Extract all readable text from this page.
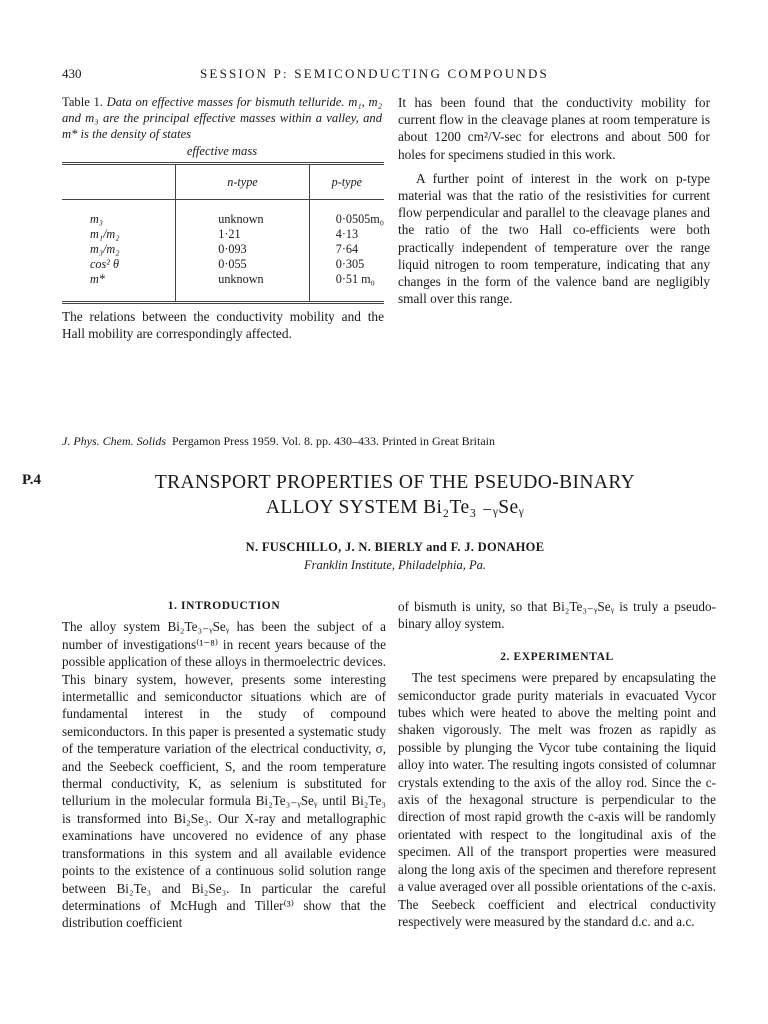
430	SESSION P: SEMICONDUCTING COMPOUNDS
Table 1. Data on effective masses for bismuth telluride. m₁, m₂ and m₃ are the principal effective masses within a valley, and m* is the density of states
effective mass
	n-type	p-type
m₃	unknown	0·0505m₀
m₁/m₂	1·21	4·13
m₃/m₂	0·093	7·64
cos² θ	0·055	0·305
m*	unknown	0·51 m₀

The relations between the conductivity mobility and the Hall mobility are correspondingly affected.

It has been found that the conductivity mobility for current flow in the cleavage planes at room temperature is about 1200 cm²/V-sec for electrons and about 500 for holes for specimens studied in this work.

A further point of interest in the work on p-type material was that the ratio of the resistivities for current flow perpendicular and parallel to the cleavage planes and the ratio of the two Hall co-efficients were both practically independent of temperature over the range liquid nitrogen to room temperature, indicating that any changes in the form of the valence band are negligibly small over this range.

J. Phys. Chem. Solids Pergamon Press 1959. Vol. 8. pp. 430–433. Printed in Great Britain
P.4	TRANSPORT PROPERTIES OF THE PSEUDO-BINARY
ALLOY SYSTEM Bi₂Te₃ ₋ᵧSeᵧ
N. FUSCHILLO, J. N. BIERLY and F. J. DONAHOE
Franklin Institute, Philadelphia, Pa.
1. INTRODUCTION

The alloy system Bi₂Te₃₋ᵧSeᵧ has been the subject of a number of investigations⁽¹⁻⁸⁾ in recent years because of the possible application of these alloys in thermoelectric devices. This binary system, however, presents some interesting intermetallic and semiconductor situations which are of fundamental interest in the study of compound semiconductors. In this paper is presented a systematic study of the temperature variation of the electrical conductivity, σ, and the Seebeck coefficient, S, and the room temperature thermal conductivity, K, as selenium is substituted for tellurium in the molecular formula Bi₂Te₃₋ᵧSeᵧ until Bi₂Te₃ is transformed into Bi₂Se₃. Our X-ray and metallographic examinations have uncovered no evidence of any phase transformations in this system and all available evidence points to the existence of a continuous solid solution range between Bi₂Te₃ and Bi₂Se₃. In particular the careful determinations of McHugh and Tiller⁽³⁾ show that the distribution coefficient

of bismuth is unity, so that Bi₂Te₃₋ᵧSeᵧ is truly a pseudo-binary alloy system.

2. EXPERIMENTAL

The test specimens were prepared by encapsulating the semiconductor grade purity materials in evacuated Vycor tubes which were heated to above the melting point and shaken vigorously. The melt was frozen as rapidly as possible by plunging the Vycor tube containing the liquid alloy into water. The resulting ingots consisted of columnar crystals extending to the axis of the alloy rod. Since the c-axis of the hexagonal structure is perpendicular to the direction of most rapid growth the c-axis will be randomly orientated with respect to the longitudinal axis of the specimen. All of the transport properties were measured along the long axis of the specimen and therefore represent a value averaged over all possible orientations of the c-axis. The Seebeck coefficient and electrical conductivity respectively were measured by the standard d.c. and a.c.
